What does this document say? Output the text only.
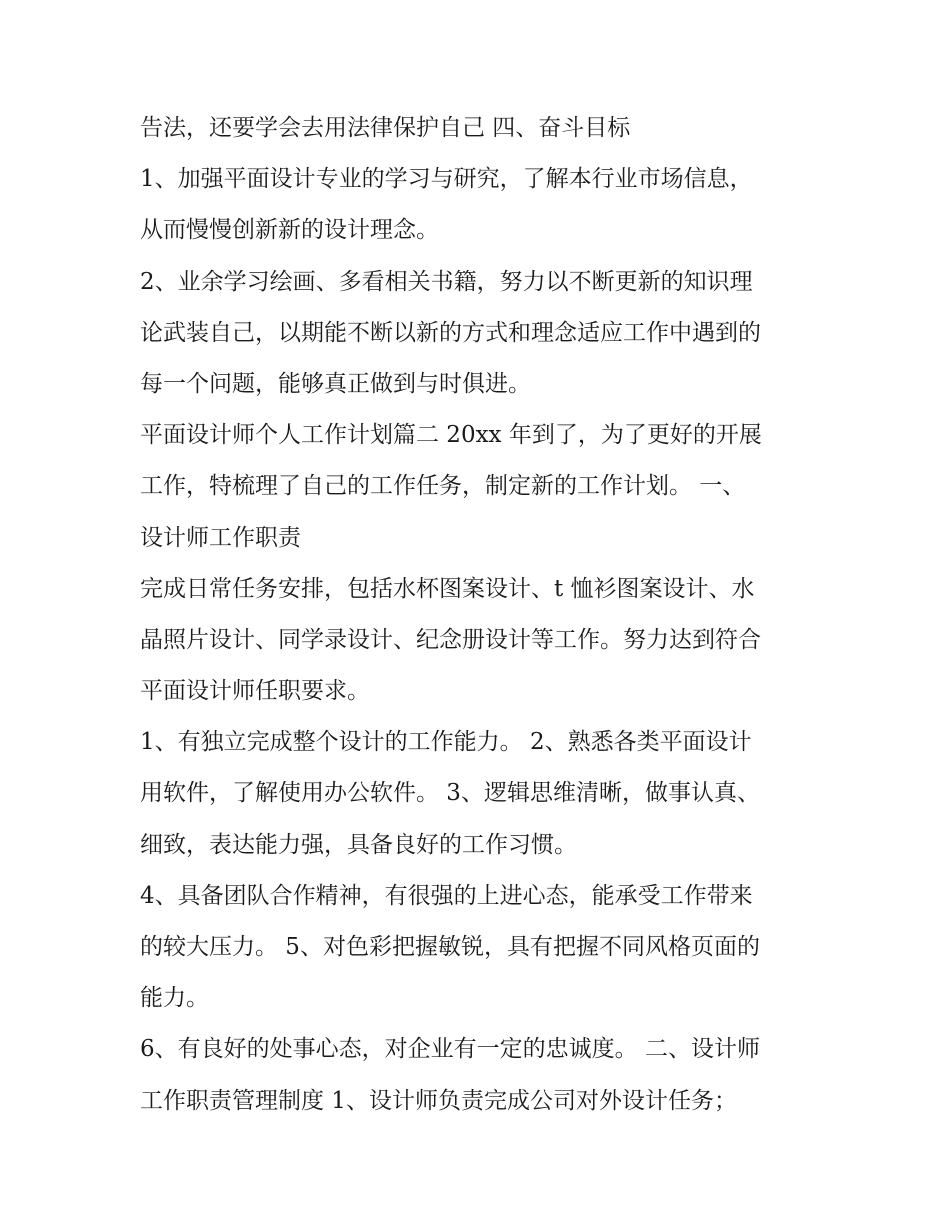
告法，还要学会去用法律保护自己 四、奋斗目标
1、加强平面设计专业的学习与研究，了解本行业市场信息，
从而慢慢创新新的设计理念。
2、业余学习绘画、多看相关书籍，努力以不断更新的知识理
论武装自己，以期能不断以新的方式和理念适应工作中遇到的
每一个问题，能够真正做到与时俱进。
平面设计师个人工作计划篇二 20xx 年到了，为了更好的开展
工作，特梳理了自己的工作任务，制定新的工作计划。 一、
设计师工作职责
完成日常任务安排，包括水杯图案设计、t 恤衫图案设计、水
晶照片设计、同学录设计、纪念册设计等工作。努力达到符合
平面设计师任职要求。
1、有独立完成整个设计的工作能力。 2、熟悉各类平面设计
用软件，了解使用办公软件。 3、逻辑思维清晰，做事认真、
细致，表达能力强，具备良好的工作习惯。
4、具备团队合作精神，有很强的上进心态，能承受工作带来
的较大压力。 5、对色彩把握敏锐，具有把握不同风格页面的
能力。
6、有良好的处事心态，对企业有一定的忠诚度。 二、设计师
工作职责管理制度 1、设计师负责完成公司对外设计任务；
